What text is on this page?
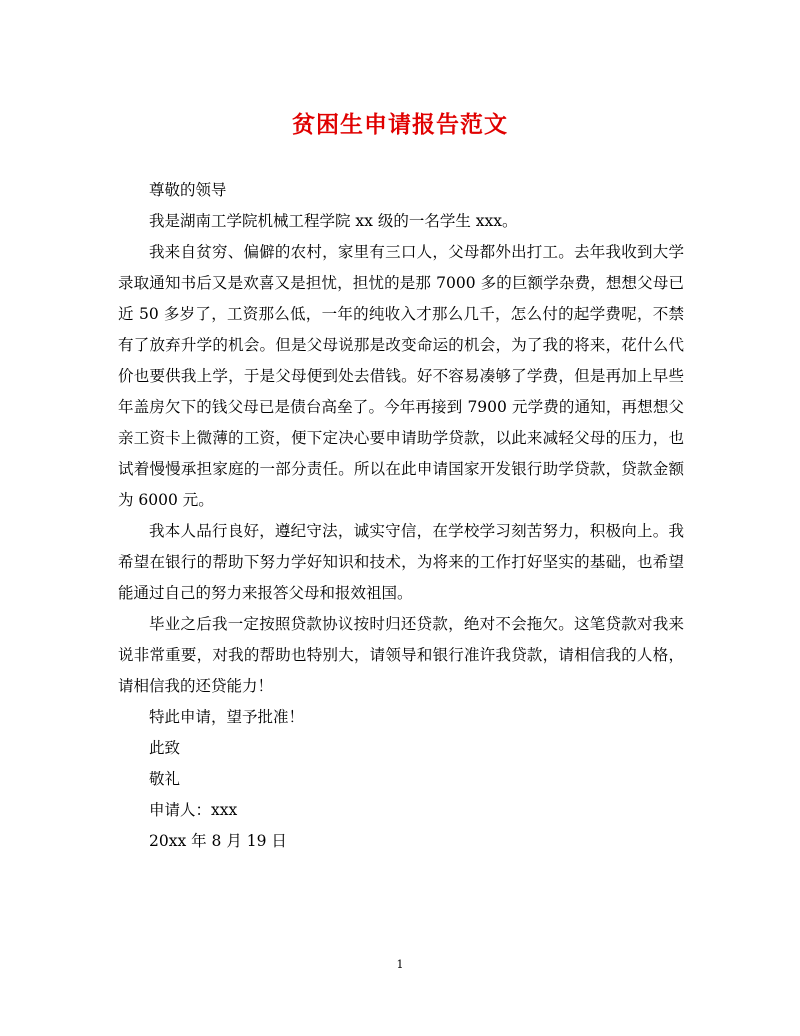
贫困生申请报告范文

尊敬的领导

我是湖南工学院机械工程学院 xx 级的一名学生 xxx。

我来自贫穷、偏僻的农村，家里有三口人，父母都外出打工。去年我收到大学录取通知书后又是欢喜又是担忧，担忧的是那 7000 多的巨额学杂费，想想父母已近 50 多岁了，工资那么低，一年的纯收入才那么几千，怎么付的起学费呢，不禁有了放弃升学的机会。但是父母说那是改变命运的机会，为了我的将来，花什么代价也要供我上学，于是父母便到处去借钱。好不容易凑够了学费，但是再加上早些年盖房欠下的钱父母已是债台高垒了。今年再接到 7900 元学费的通知，再想想父亲工资卡上微薄的工资，便下定决心要申请助学贷款，以此来减轻父母的压力，也试着慢慢承担家庭的一部分责任。所以在此申请国家开发银行助学贷款，贷款金额为 6000 元。

我本人品行良好，遵纪守法，诚实守信，在学校学习刻苦努力，积极向上。我希望在银行的帮助下努力学好知识和技术，为将来的工作打好坚实的基础，也希望能通过自己的努力来报答父母和报效祖国。

毕业之后我一定按照贷款协议按时归还贷款，绝对不会拖欠。这笔贷款对我来说非常重要，对我的帮助也特别大，请领导和银行准许我贷款，请相信我的人格，请相信我的还贷能力！

特此申请，望予批准！

此致

敬礼

申请人：xxx

20xx 年 8 月 19 日

1
